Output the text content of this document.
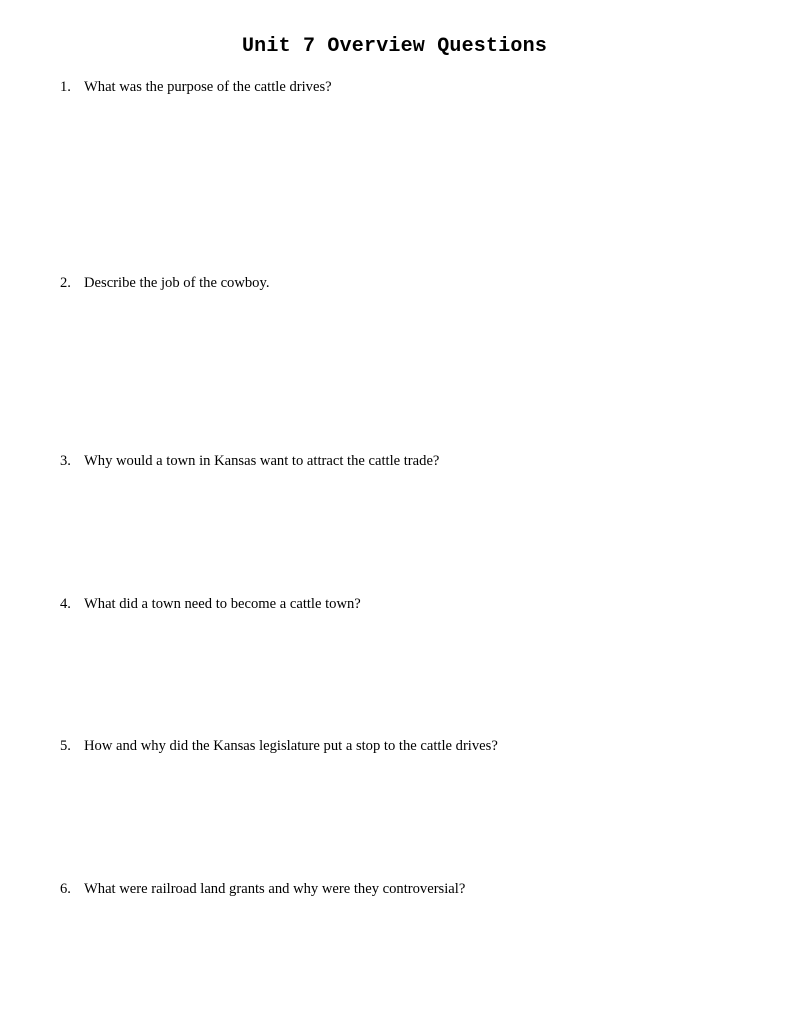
Unit 7 Overview Questions
1. What was the purpose of the cattle drives?
2. Describe the job of the cowboy.
3. Why would a town in Kansas want to attract the cattle trade?
4. What did a town need to become a cattle town?
5. How and why did the Kansas legislature put a stop to the cattle drives?
6. What were railroad land grants and why were they controversial?
